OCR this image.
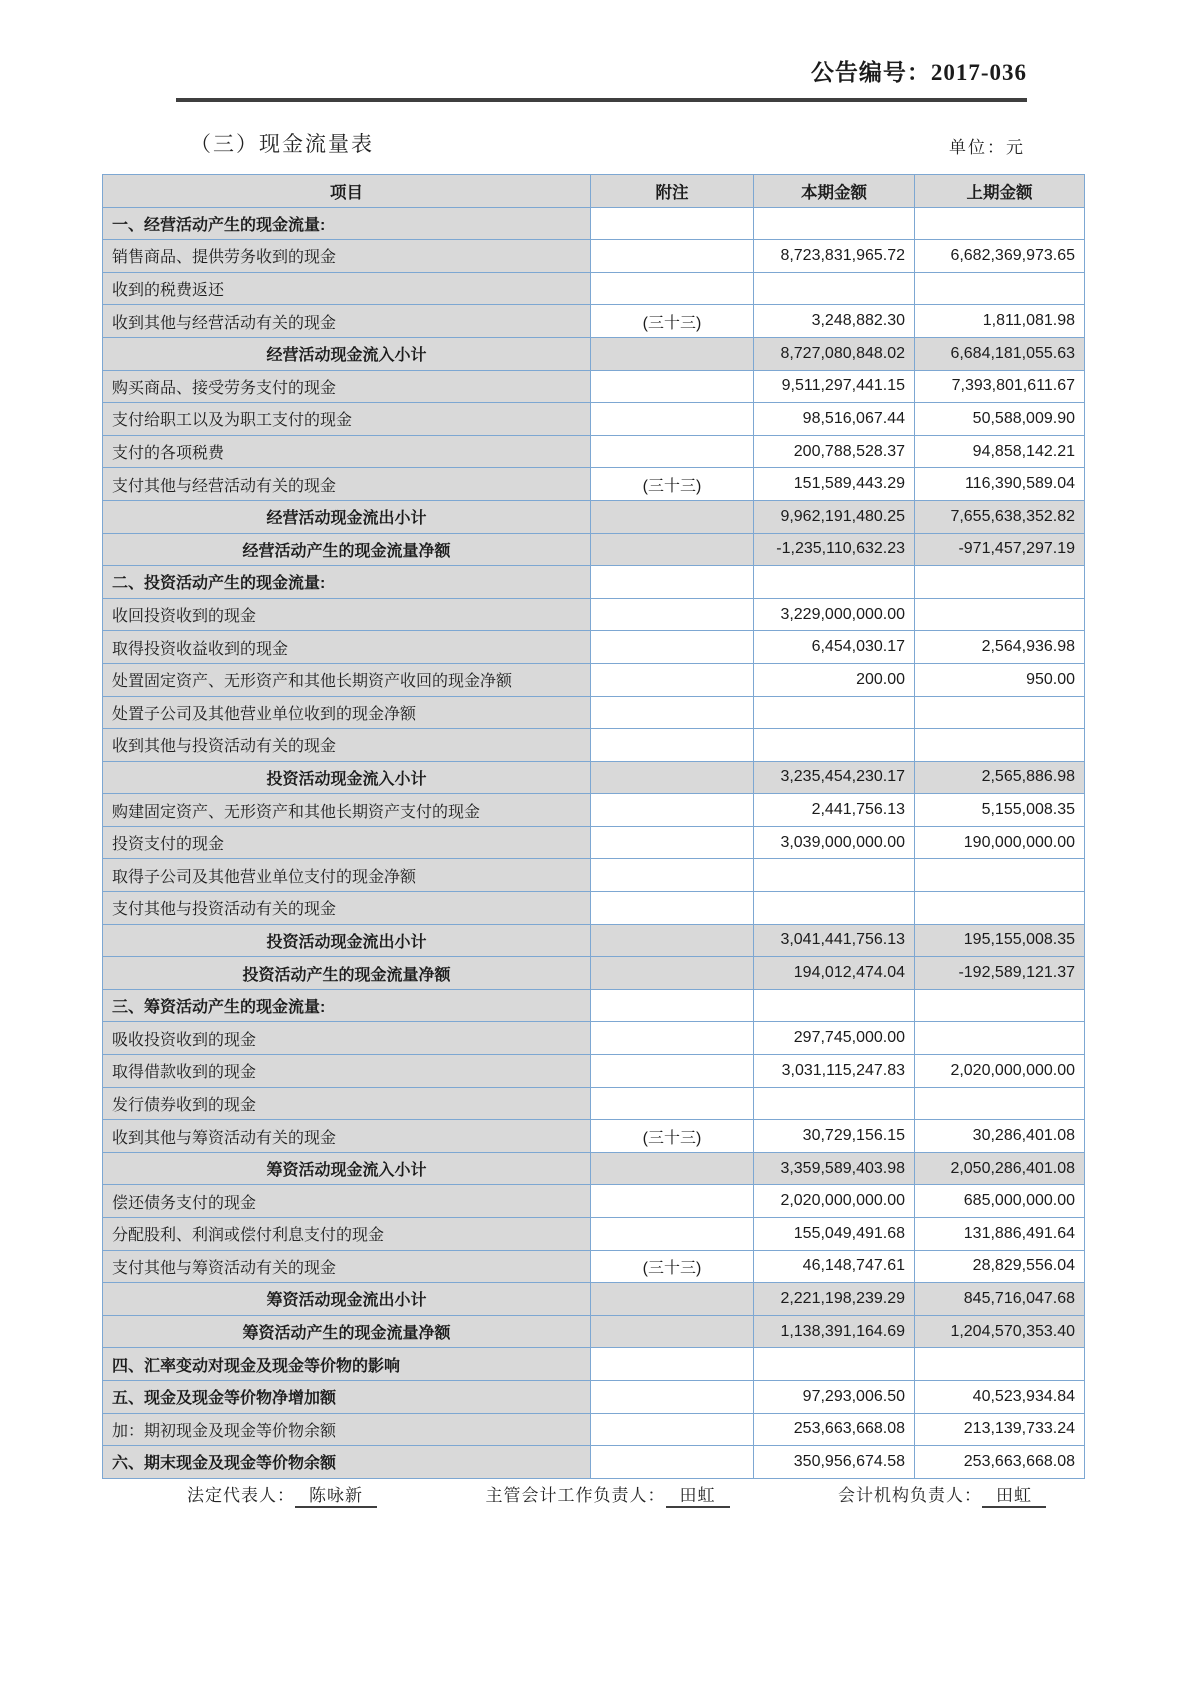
公告编号：2017-036
（三）现金流量表	单位：元
项目	附注	本期金额	上期金额
一、经营活动产生的现金流量:			
销售商品、提供劳务收到的现金		8,723,831,965.72	6,682,369,973.65
收到的税费返还			
收到其他与经营活动有关的现金	(三十三)	3,248,882.30	1,811,081.98
经营活动现金流入小计		8,727,080,848.02	6,684,181,055.63
购买商品、接受劳务支付的现金		9,511,297,441.15	7,393,801,611.67
支付给职工以及为职工支付的现金		98,516,067.44	50,588,009.90
支付的各项税费		200,788,528.37	94,858,142.21
支付其他与经营活动有关的现金	(三十三)	151,589,443.29	116,390,589.04
经营活动现金流出小计		9,962,191,480.25	7,655,638,352.82
经营活动产生的现金流量净额		-1,235,110,632.23	-971,457,297.19
二、投资活动产生的现金流量:			
收回投资收到的现金		3,229,000,000.00	
取得投资收益收到的现金		6,454,030.17	2,564,936.98
处置固定资产、无形资产和其他长期资产收回的现金净额		200.00	950.00
处置子公司及其他营业单位收到的现金净额			
收到其他与投资活动有关的现金			
投资活动现金流入小计		3,235,454,230.17	2,565,886.98
购建固定资产、无形资产和其他长期资产支付的现金		2,441,756.13	5,155,008.35
投资支付的现金		3,039,000,000.00	190,000,000.00
取得子公司及其他营业单位支付的现金净额			
支付其他与投资活动有关的现金			
投资活动现金流出小计		3,041,441,756.13	195,155,008.35
投资活动产生的现金流量净额		194,012,474.04	-192,589,121.37
三、筹资活动产生的现金流量:			
吸收投资收到的现金		297,745,000.00	
取得借款收到的现金		3,031,115,247.83	2,020,000,000.00
发行债券收到的现金			
收到其他与筹资活动有关的现金	(三十三)	30,729,156.15	30,286,401.08
筹资活动现金流入小计		3,359,589,403.98	2,050,286,401.08
偿还债务支付的现金		2,020,000,000.00	685,000,000.00
分配股利、利润或偿付利息支付的现金		155,049,491.68	131,886,491.64
支付其他与筹资活动有关的现金	(三十三)	46,148,747.61	28,829,556.04
筹资活动现金流出小计		2,221,198,239.29	845,716,047.68
筹资活动产生的现金流量净额		1,138,391,164.69	1,204,570,353.40
四、汇率变动对现金及现金等价物的影响			
五、现金及现金等价物净增加额		97,293,006.50	40,523,934.84
加：期初现金及现金等价物余额		253,663,668.08	213,139,733.24
六、期末现金及现金等价物余额		350,956,674.58	253,663,668.08
法定代表人： 陈咏新	主管会计工作负责人： 田虹	会计机构负责人： 田虹
